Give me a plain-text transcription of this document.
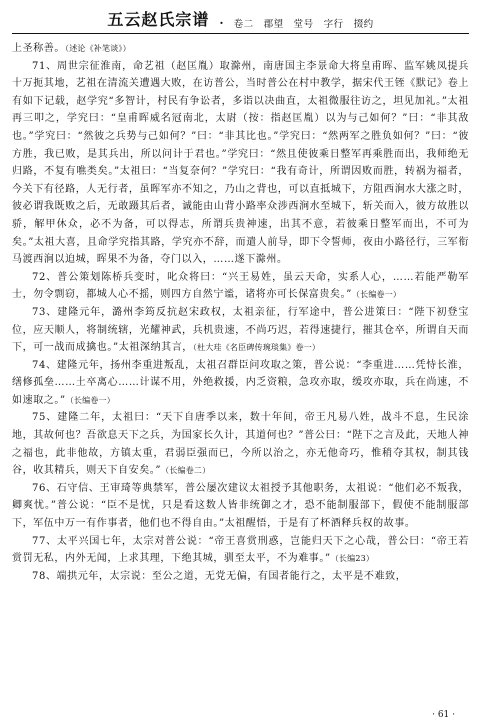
五云赵氏宗谱 · 卷二 郡望 堂号 字行 掇约

上圣称善。（述论《补笔谈》）

71、周世宗征淮南，命艺祖（赵匡胤）取滁州，南唐国主李景命大将皇甫晖、监军姚凤提兵十万扼其地，艺祖在清流关遭遇大败，在访普公，当时普公在村中教学，据宋代王铚《默记》卷上有如下记载，赵学究“多智计，村民有争讼者，多诣以决曲直，太祖微服往访之，坦见加礼。”太祖再三叩之，学究曰：“皇甫晖威名冠南北，太尉（按：指赵匡胤）以为与己如何？”曰：“非其敌也。”学究曰：“然彼之兵势与己如何？”曰：“非其比也。”学究曰：“然两军之胜负如何？”曰：“彼方胜，我已败，是其兵出，所以问计于君也。”学究曰：“然且使彼乘日整军再乘胜而出，我师绝无归路，不复有噍类矣。”太祖曰：“当复奈何？”学究曰：“我有奇计，所谓因败而胜，转祸为福者，今关下有径路，人无行者，虽晖军亦不知之，乃山之背也，可以直抵城下，方阻西涧水大涨之时，彼必谓我既败之后，无敢蹑其后者，诚能由山背小路率众涉西涧水至城下，斩关而入，彼方故胜以骄，解甲休众，必不为备，可以得志，所谓兵贵神速，出其不意，若彼乘日整军而出，不可为矣。”太祖大喜，且命学究指其路，学究亦不辞，而遣人前导，即下令誓师，夜由小路径行，三军衔马渡西涧以迫城，晖果不为备，夺门以入，……遂下滁州。

72、普公策划陈桥兵变时，叱众将曰：“兴王易姓，虽云天命，实系人心，……若能严勒军士，勿令剽窃，都城人心不摇，则四方自然宁谧，诸将亦可长保富贵矣。”（长编卷一）

73、建隆元年，潞州李筠反抗赵宋政权，太祖亲征，行军途中，普公进策曰：“陛下初登宝位，应天顺人，将制统辖，光耀神武，兵机贵速，不尚巧迟，若得速捷行，摧其仓卒，所谓自天而下，可一战而成擒也。”太祖深纳其言，（杜大珪《名臣碑传琬琰集》卷一）

74、建隆元年，扬州李重进叛乱，太祖召群臣问攻取之策，普公说：“李重进……凭恃长淮，缮修孤垒……土卒离心……计谋不用，外绝救援，内乏资粮，急攻亦取，缓攻亦取，兵在尚速，不如速取之。”（长编卷一）

75、建隆二年，太祖曰：“天下自唐季以来，数十年间，帝王凡易八姓，战斗不息，生民涂地，其故何也？吾欲息天下之兵，为国家长久计，其道何也？”普公曰：“陛下之言及此，天地人神之福也，此非他故，方镇太重，君弱臣强而已，今所以治之，亦无他奇巧，惟稍夺其权，制其钱谷，收其精兵，则天下自安矣。”（长编卷二）

76、石守信、王审琦等典禁军，普公屡次建议太祖授予其他职务，太祖说：“他们必不叛我，卿爽忧。”普公说：“臣不是忧，只是看这数人皆非统御之才，恐不能制服部下，假使不能制服部下，军伍中万一有作事者，他们也不得自由。”太祖醒悟，于是有了杯酒释兵权的故事。

77、太平兴国七年，太宗对普公说：“帝王喜赏刑惑，岂能归天下之心哉，普公曰：“帝王若赏罚无私，内外无闻，上求其理，下绝其城，驯至太平，不为难事。”（长编23）

78、端拱元年，太宗说：至公之道，无党无偏，有国者能行之，太平是不难致，

· 61 ·
